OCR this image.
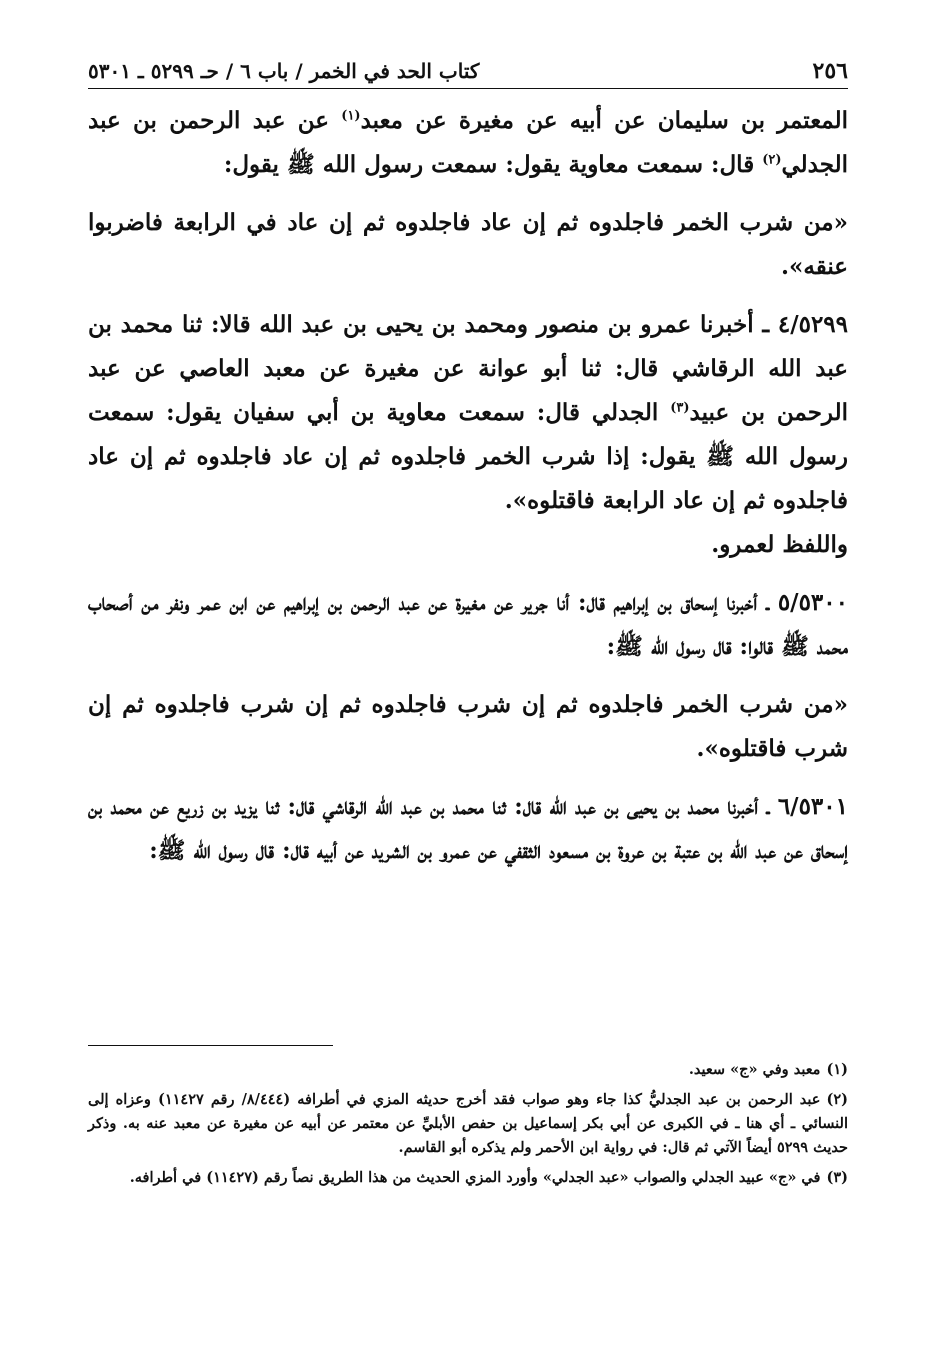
٢٥٦
كتاب الحد في الخمر / باب ٦ / حـ ٥٢٩٩ ـ ٥٣٠١

المعتمر بن سليمان عن أبيه عن مغيرة عن معبد$^{(١)}$ عن عبد الرحمن بن عبد الجدلي$^{(٢)}$ قال: سمعت معاوية يقول: سمعت رسول الله ﷺ يقول:

«من شرب الخمر فاجلدوه ثم إن عاد فاجلدوه ثم إن عاد في الرابعة فاضربوا عنقه».

٤/٥٢٩٩ ـ أخبرنا عمرو بن منصور ومحمد بن يحيى بن عبد الله قالا: ثنا محمد بن عبد الله الرقاشي قال: ثنا أبو عوانة عن مغيرة عن معبد العاصي عن عبد الرحمن بن عبيد$^{(٣)}$ الجدلي قال: سمعت معاوية بن أبي سفيان يقول: سمعت رسول الله ﷺ يقول: إذا شرب الخمر فاجلدوه ثم إن عاد فاجلدوه ثم إن عاد فاجلدوه ثم إن عاد الرابعة فاقتلوه».

واللفظ لعمرو.

٥/٥٣٠٠ ـ أخبرنا إسحاق بن إبراهيم قال: أنا جرير عن مغيرة عن عبد الرحمن بن إبراهيم عن ابن عمر ونفر من أصحاب محمد ﷺ قالوا: قال رسول الله ﷺ:

«من شرب الخمر فاجلدوه ثم إن شرب فاجلدوه ثم إن شرب فاجلدوه ثم إن شرب فاقتلوه».

٦/٥٣٠١ ـ أخبرنا محمد بن يحيى بن عبد الله قال: ثنا محمد بن عبد الله الرقاشي قال: ثنا يزيد بن زريع عن محمد بن إسحاق عن عبد الله بن عتبة بن عروة بن مسعود الثقفي عن عمرو بن الشريد عن أبيه قال: قال رسول الله ﷺ:

(١)معبد وفي «ج» سعيد.

(٢)عبد الرحمن بن عبد الجدليُّ كذا جاء وهو صواب فقد أخرج حديثه المزي في أطرافه (٨/٤٤٤/ رقم ١١٤٢٧) وعزاه إلى النسائي ـ أي هنا ـ في الكبرى عن أبي بكر إسماعيل بن حفص الأبليِّ عن معتمر عن أبيه عن مغيرة عن معبد عنه به. وذكر حديث ٥٢٩٩ أيضاً الآتي ثم قال: في رواية ابن الأحمر ولم يذكره أبو القاسم.

(٣)في «ج» عبيد الجدلي والصواب «عبد الجدلي» وأورد المزي الحديث من هذا الطريق نصاً رقم (١١٤٢٧) في أطرافه.
